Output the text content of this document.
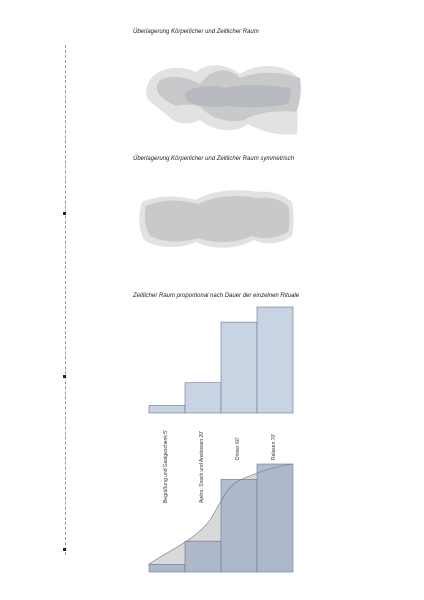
Überlagerung Körperlicher und Zeitlicher Raum

Überlagerung Körperlicher und Zeitlicher Raum symmetrisch

Zeitlicher Raum proportional nach Dauer der einzelnen Rituale

Begrüßung und Gastgeschenk 5'	Apéro: Snack und Anstossen 20'	Dinner 60'	Relaxen 70'
